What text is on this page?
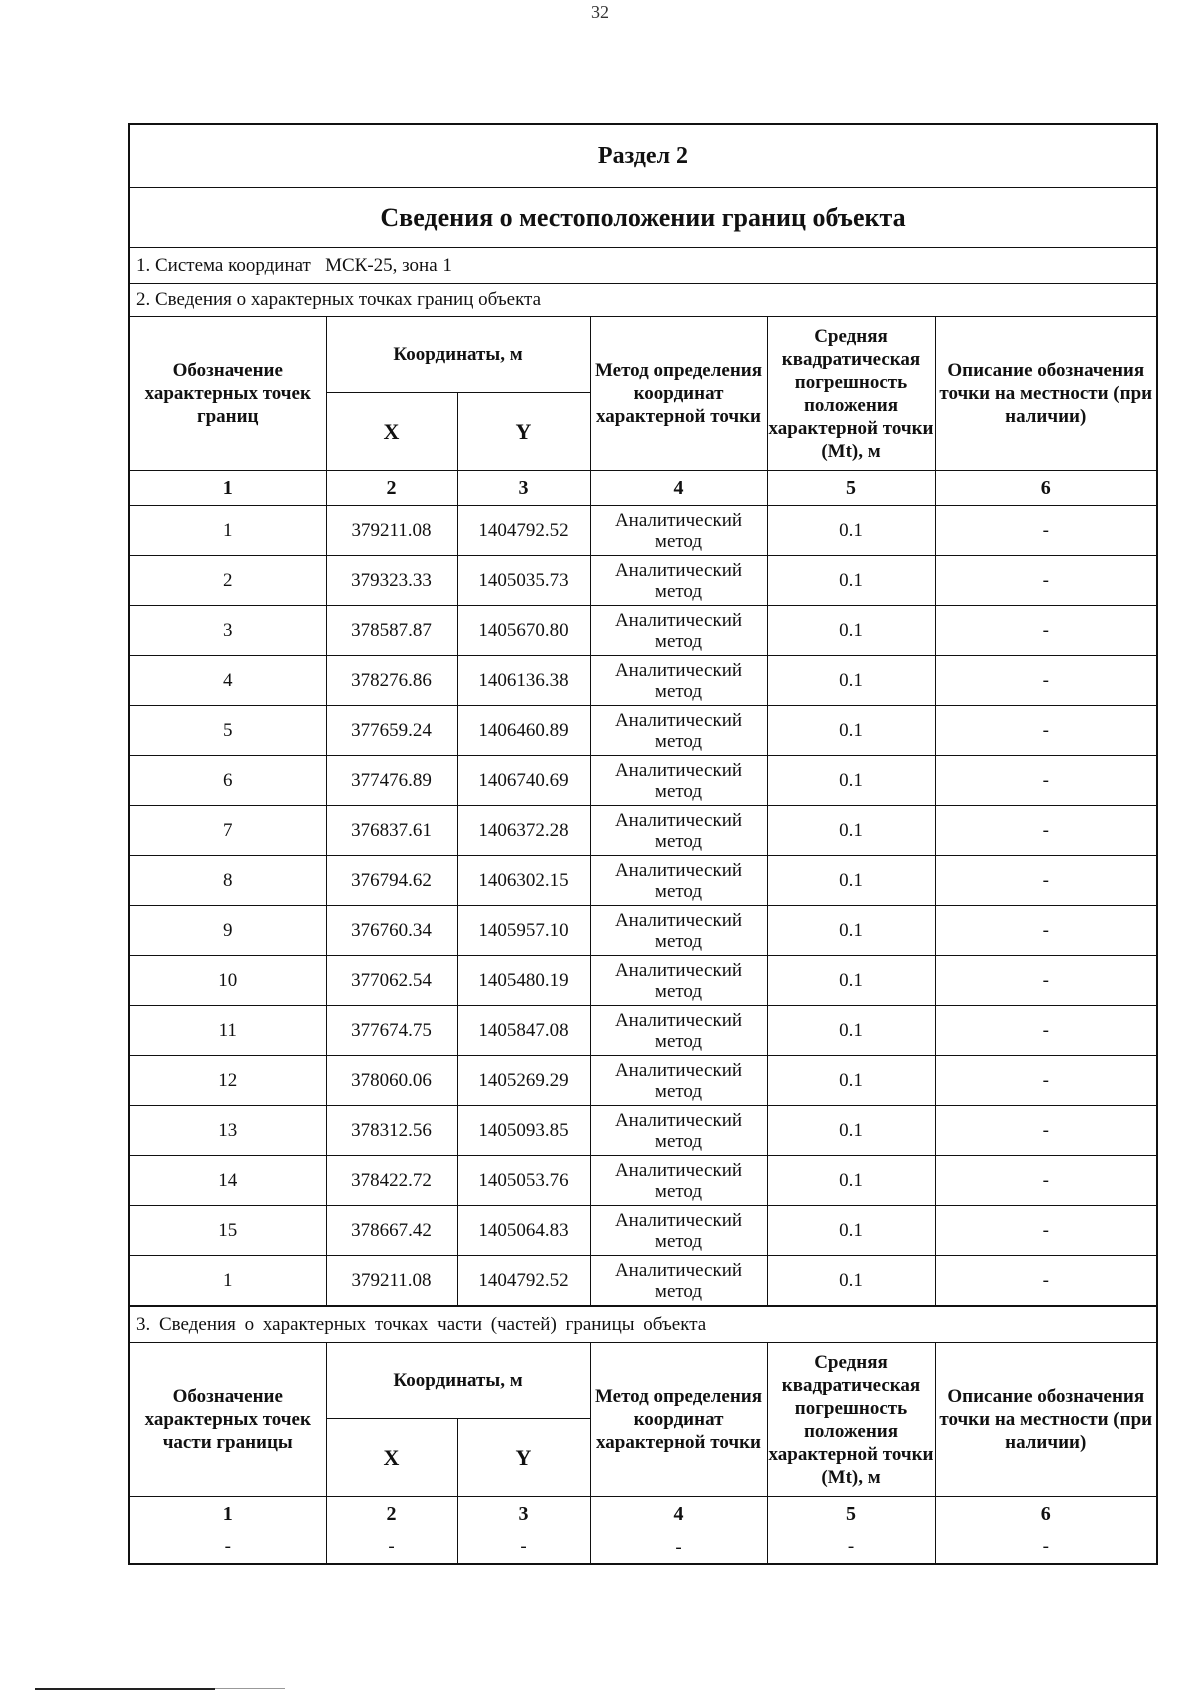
32
Раздел 2
Сведения о местоположении границ объекта
1. Система координат   МСК-25, зона 1
2. Сведения о характерных точках границ объекта
Обозначение характерных точек границ	Координаты, м		Метод определения координат характерной точки	Средняя квадратическая погрешность положения характерной точки (Mt), м	Описание обозначения точки на местности (при наличии)
	X	Y			
1	2	3	4	5	6
1	379211.08	1404792.52	Аналитический метод	0.1	-
2	379323.33	1405035.73	Аналитический метод	0.1	-
3	378587.87	1405670.80	Аналитический метод	0.1	-
4	378276.86	1406136.38	Аналитический метод	0.1	-
5	377659.24	1406460.89	Аналитический метод	0.1	-
6	377476.89	1406740.69	Аналитический метод	0.1	-
7	376837.61	1406372.28	Аналитический метод	0.1	-
8	376794.62	1406302.15	Аналитический метод	0.1	-
9	376760.34	1405957.10	Аналитический метод	0.1	-
10	377062.54	1405480.19	Аналитический метод	0.1	-
11	377674.75	1405847.08	Аналитический метод	0.1	-
12	378060.06	1405269.29	Аналитический метод	0.1	-
13	378312.56	1405093.85	Аналитический метод	0.1	-
14	378422.72	1405053.76	Аналитический метод	0.1	-
15	378667.42	1405064.83	Аналитический метод	0.1	-
1	379211.08	1404792.52	Аналитический метод	0.1	-
3. Сведения о характерных точках части (частей) границы объекта
Обозначение характерных точек части границы	Координаты, м		Метод определения координат характерной точки	Средняя квадратическая погрешность положения характерной точки (Mt), м	Описание обозначения точки на местности (при наличии)
	X	Y			
1	2	3	4	5	6
-	-	-	-	-	-
